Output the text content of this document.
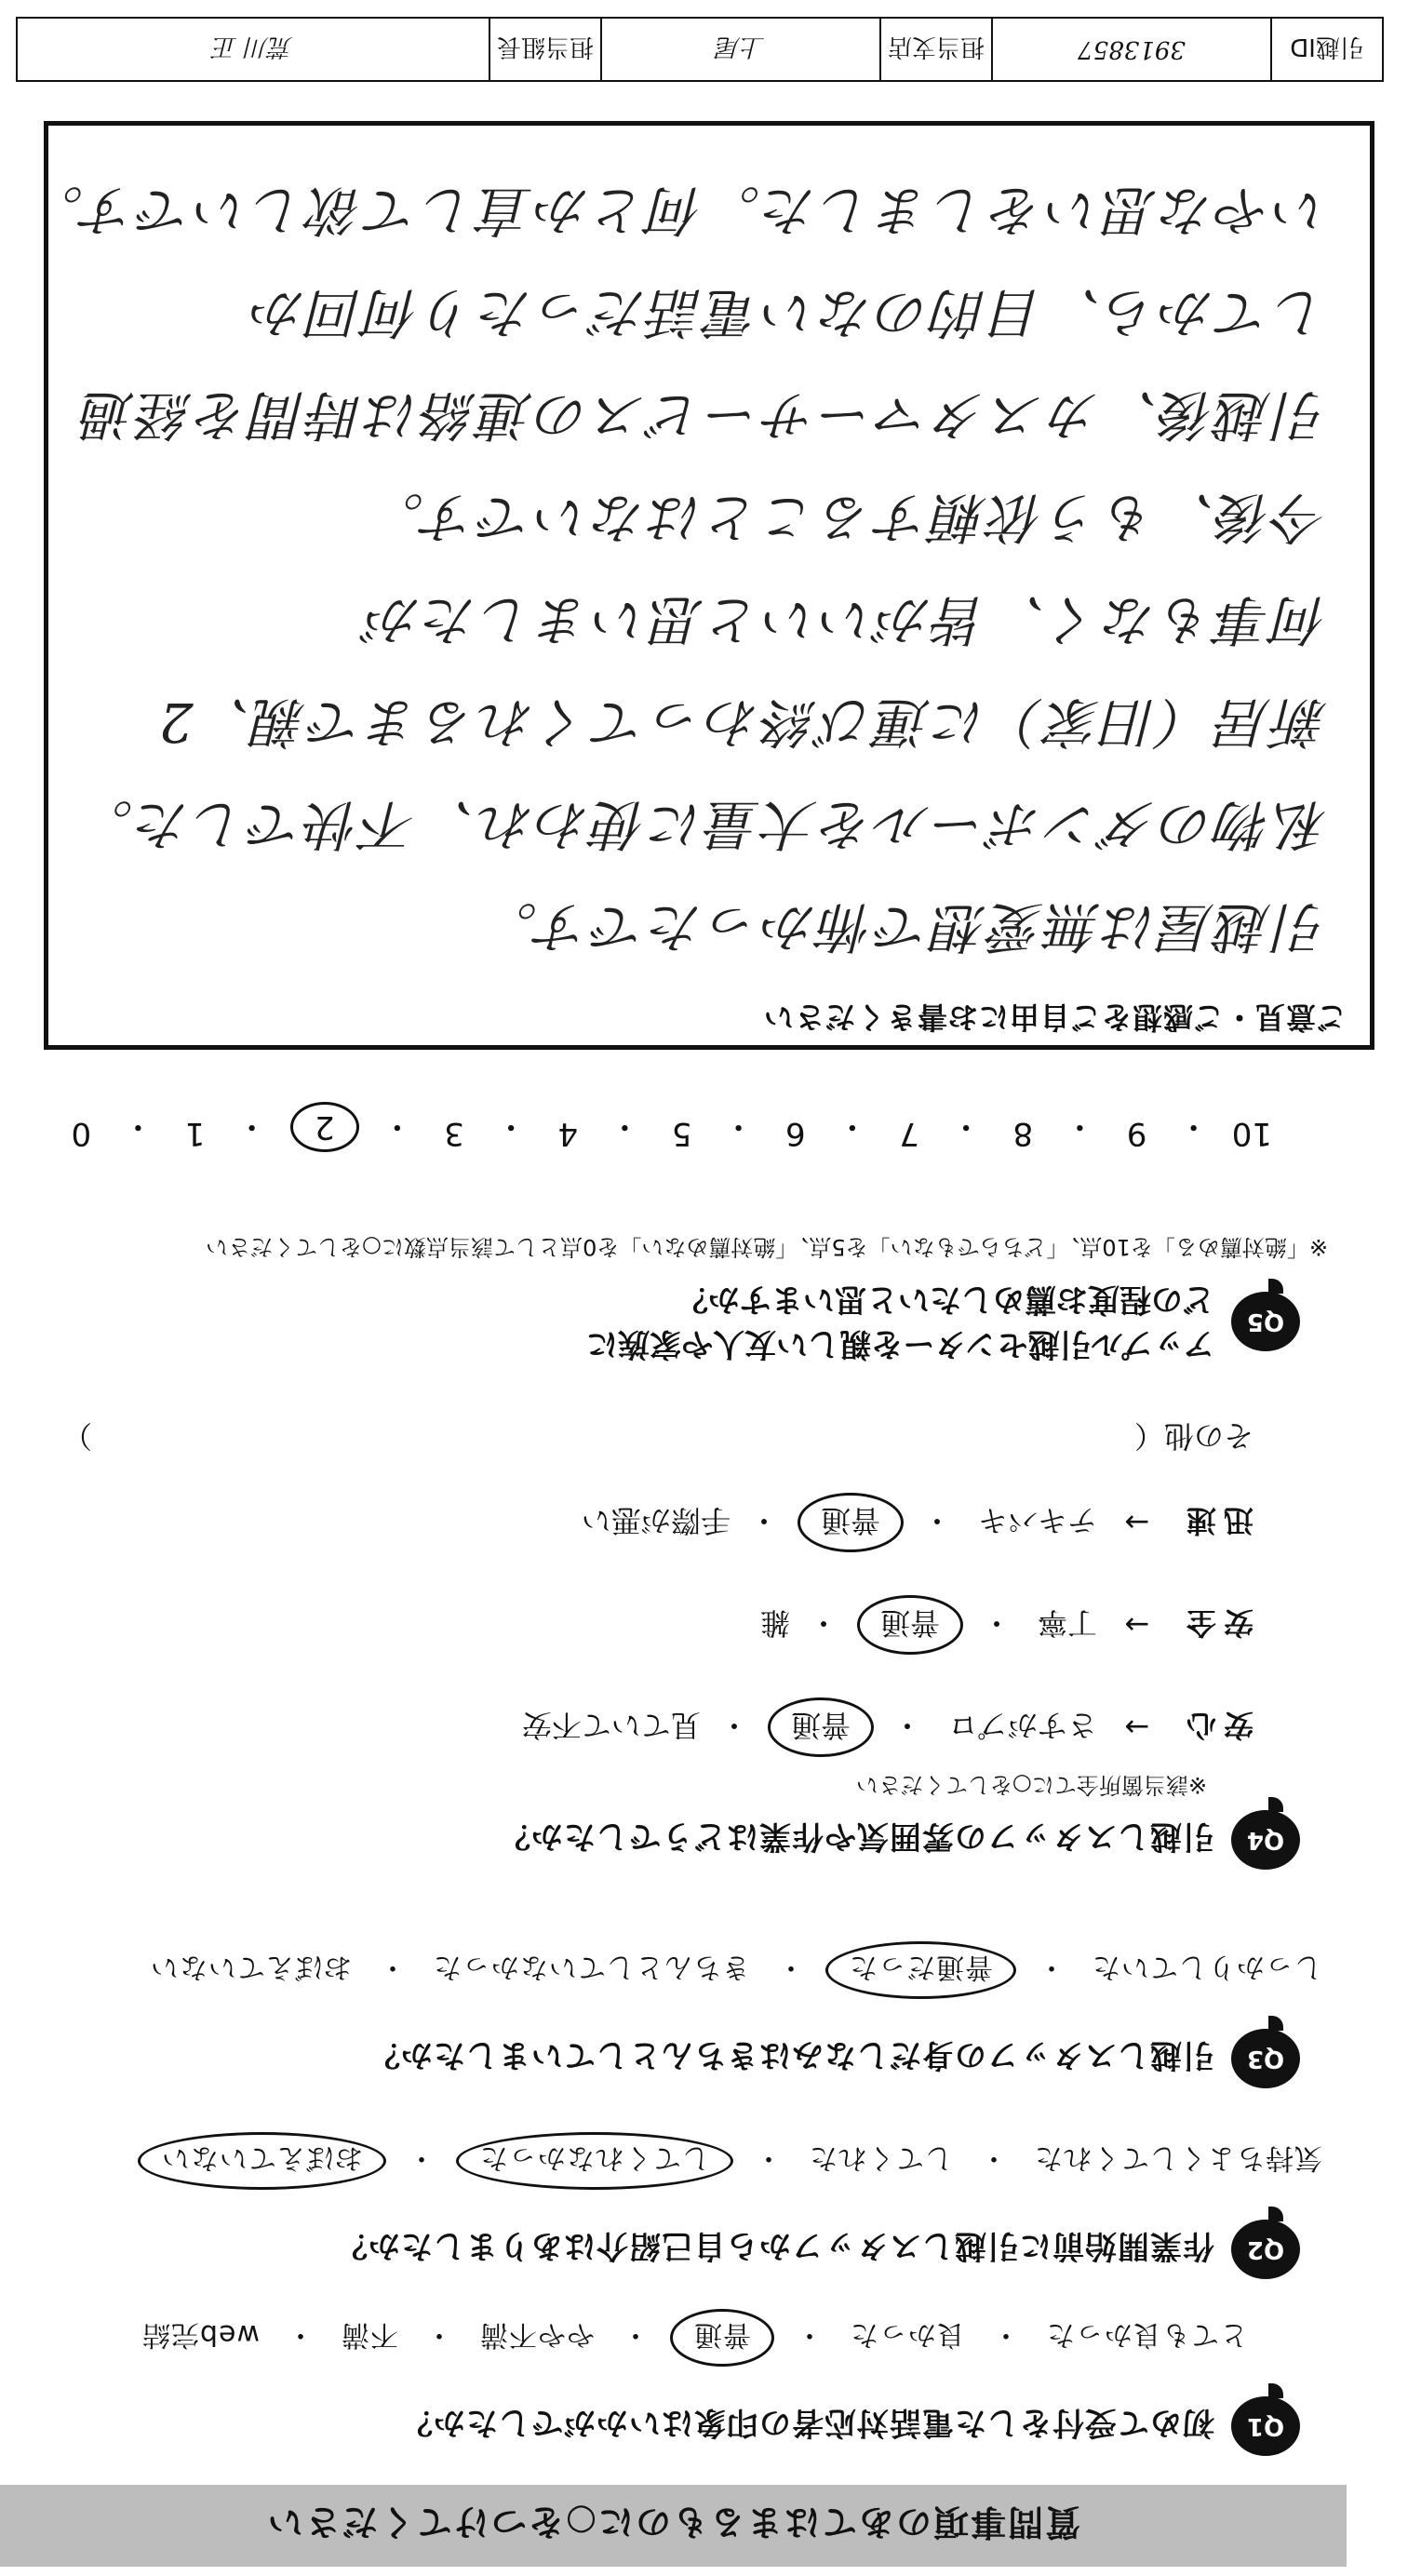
質問事項のあてはまるものに○をつけてください
Q1
初めて受付をした電話対応者の印象はいかがでしたか？
とても良かった
・
良かった
・
普通
・
やや不満
・
不満
・
web完結
Q2
作業開始前に引越しスタッフから自己紹介はありましたか？
気持ちよくしてくれた
・
してくれた
・
してくれなかった
・
おぼえていない
Q3
引越しスタッフの身だしなみはきちんとしていましたか？
しっかりしていた
・
普通だった
・
きちんとしていなかった
・
おぼえていない
Q4
引越しスタッフの雰囲気や作業はどうでしたか？
※該当箇所全てに○をしてください
安心
→
さすがプロ
・
普通
・
見ていて不安
安全
→
丁寧
・
普通
・
雑
迅速
→
テキパキ
・
普通
・
手際が悪い
その他（
）
Q5
アップル引越センターを親しい友人や家族に
どの程度お薦めしたいと思いますか？
※「絶対薦める」を10点、「どちらでもない」を5点、「絶対薦めない」を0点として該当点数に○をしてください
10
・
9
・
8
・
7
・
6
・
5
・
4
・
3
・
2
・
1
・
0
ご意見・ご感想をご自由にお書きください
引越屋は無愛想で怖かったです。
私物のダンボールを大量に使われ、不快でした。
新居（旧家）に運び終わってくれるまで親、2
何事もなく、皆がいいと思いましたが
今後、もう依頼することはないです。
引越後、カスタマーサービスの連絡は時間を経過
してから、目的のない電話だったり何回か
いやな思いをしました。何とか直して欲しいです。
引越ID
3913857
担当支店
上尾
担当組長
荒川 正
